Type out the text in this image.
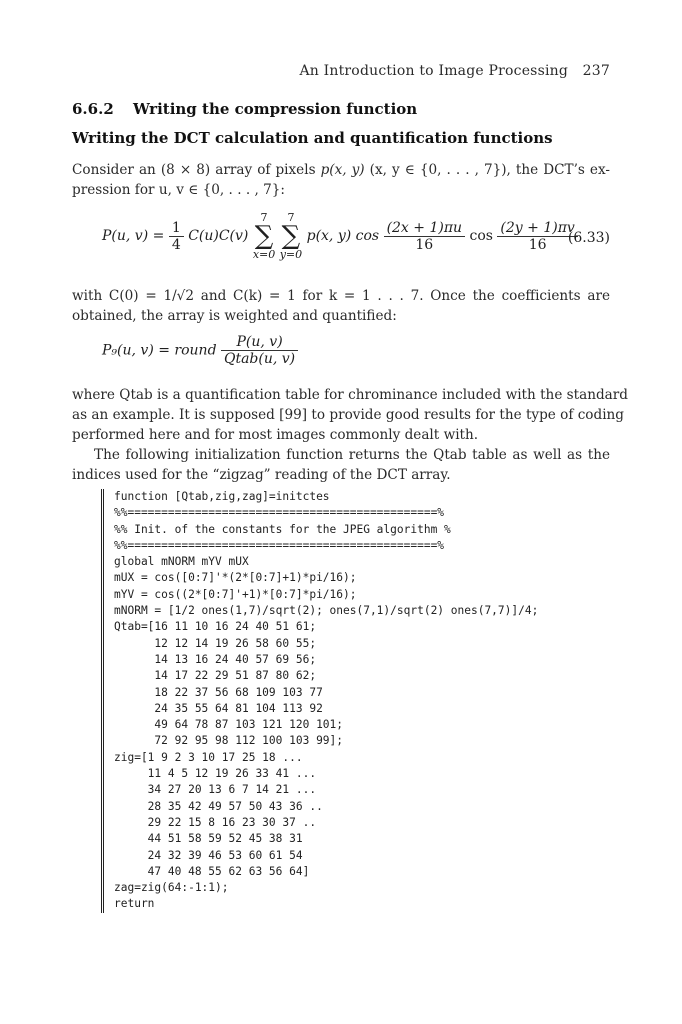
An Introduction to Image Processing 237
6.6.2 Writing the compression function
Writing the DCT calculation and quantification functions
Consider an (8 × 8) array of pixels p(x, y) (x, y ∈ {0, . . . , 7}), the DCT’s ex-
pression for u, v ∈ {0, . . . , 7}:
P(u, $v) = \frac{1}{4} C(u)C(v)$ 7
∑
x=0 7
∑
y=0 p(x, y) $\cos \frac{(2x + 1)\pi u}{16}$ $\cos \frac{(2y + 1)\pi v}{16}$
(6.33)
with C(0) = 1/√2 and C(k) = 1 for k = 1 . . . 7. Once the coefficients are
obtained, the array is weighted and quantified:
P₉(u, v) = round $\frac{P(u, v)}{\text{Qtab(u, v)}}$
where Qtab is a quantification table for chrominance included with the standard
as an example. It is supposed [99] to provide good results for the type of coding
performed here and for most images commonly dealt with.
The following initialization function returns the Qtab table as well as the
indices used for the “zigzag” reading of the DCT array.
function [Qtab,zig,zag]=initctes
%%==============================================%
%% Init. of the constants for the JPEG algorithm %
%%==============================================%
global mNORM mYV mUX
mUX = cos([0:7]'*(2*[0:7]+1)*pi/16);
mYV = cos((2*[0:7]'+1)*[0:7]*pi/16);
mNORM = [1/2 ones(1,7)/sqrt(2); ones(7,1)/sqrt(2) ones(7,7)]/4;
Qtab=[16 11 10 16 24 40 51 61;
12 12 14 19 26 58 60 55;
14 13 16 24 40 57 69 56;
14 17 22 29 51 87 80 62;
18 22 37 56 68 109 103 77
24 35 55 64 81 104 113 92
49 64 78 87 103 121 120 101;
72 92 95 98 112 100 103 99];
zig=[1 9 2 3 10 17 25 18 ...
11 4 5 12 19 26 33 41 ...
34 27 20 13 6 7 14 21 ...
28 35 42 49 57 50 43 36 ..
29 22 15 8 16 23 30 37 ..
44 51 58 59 52 45 38 31
24 32 39 46 53 60 61 54
47 40 48 55 62 63 56 64]
zag=zig(64:-1:1);
return
